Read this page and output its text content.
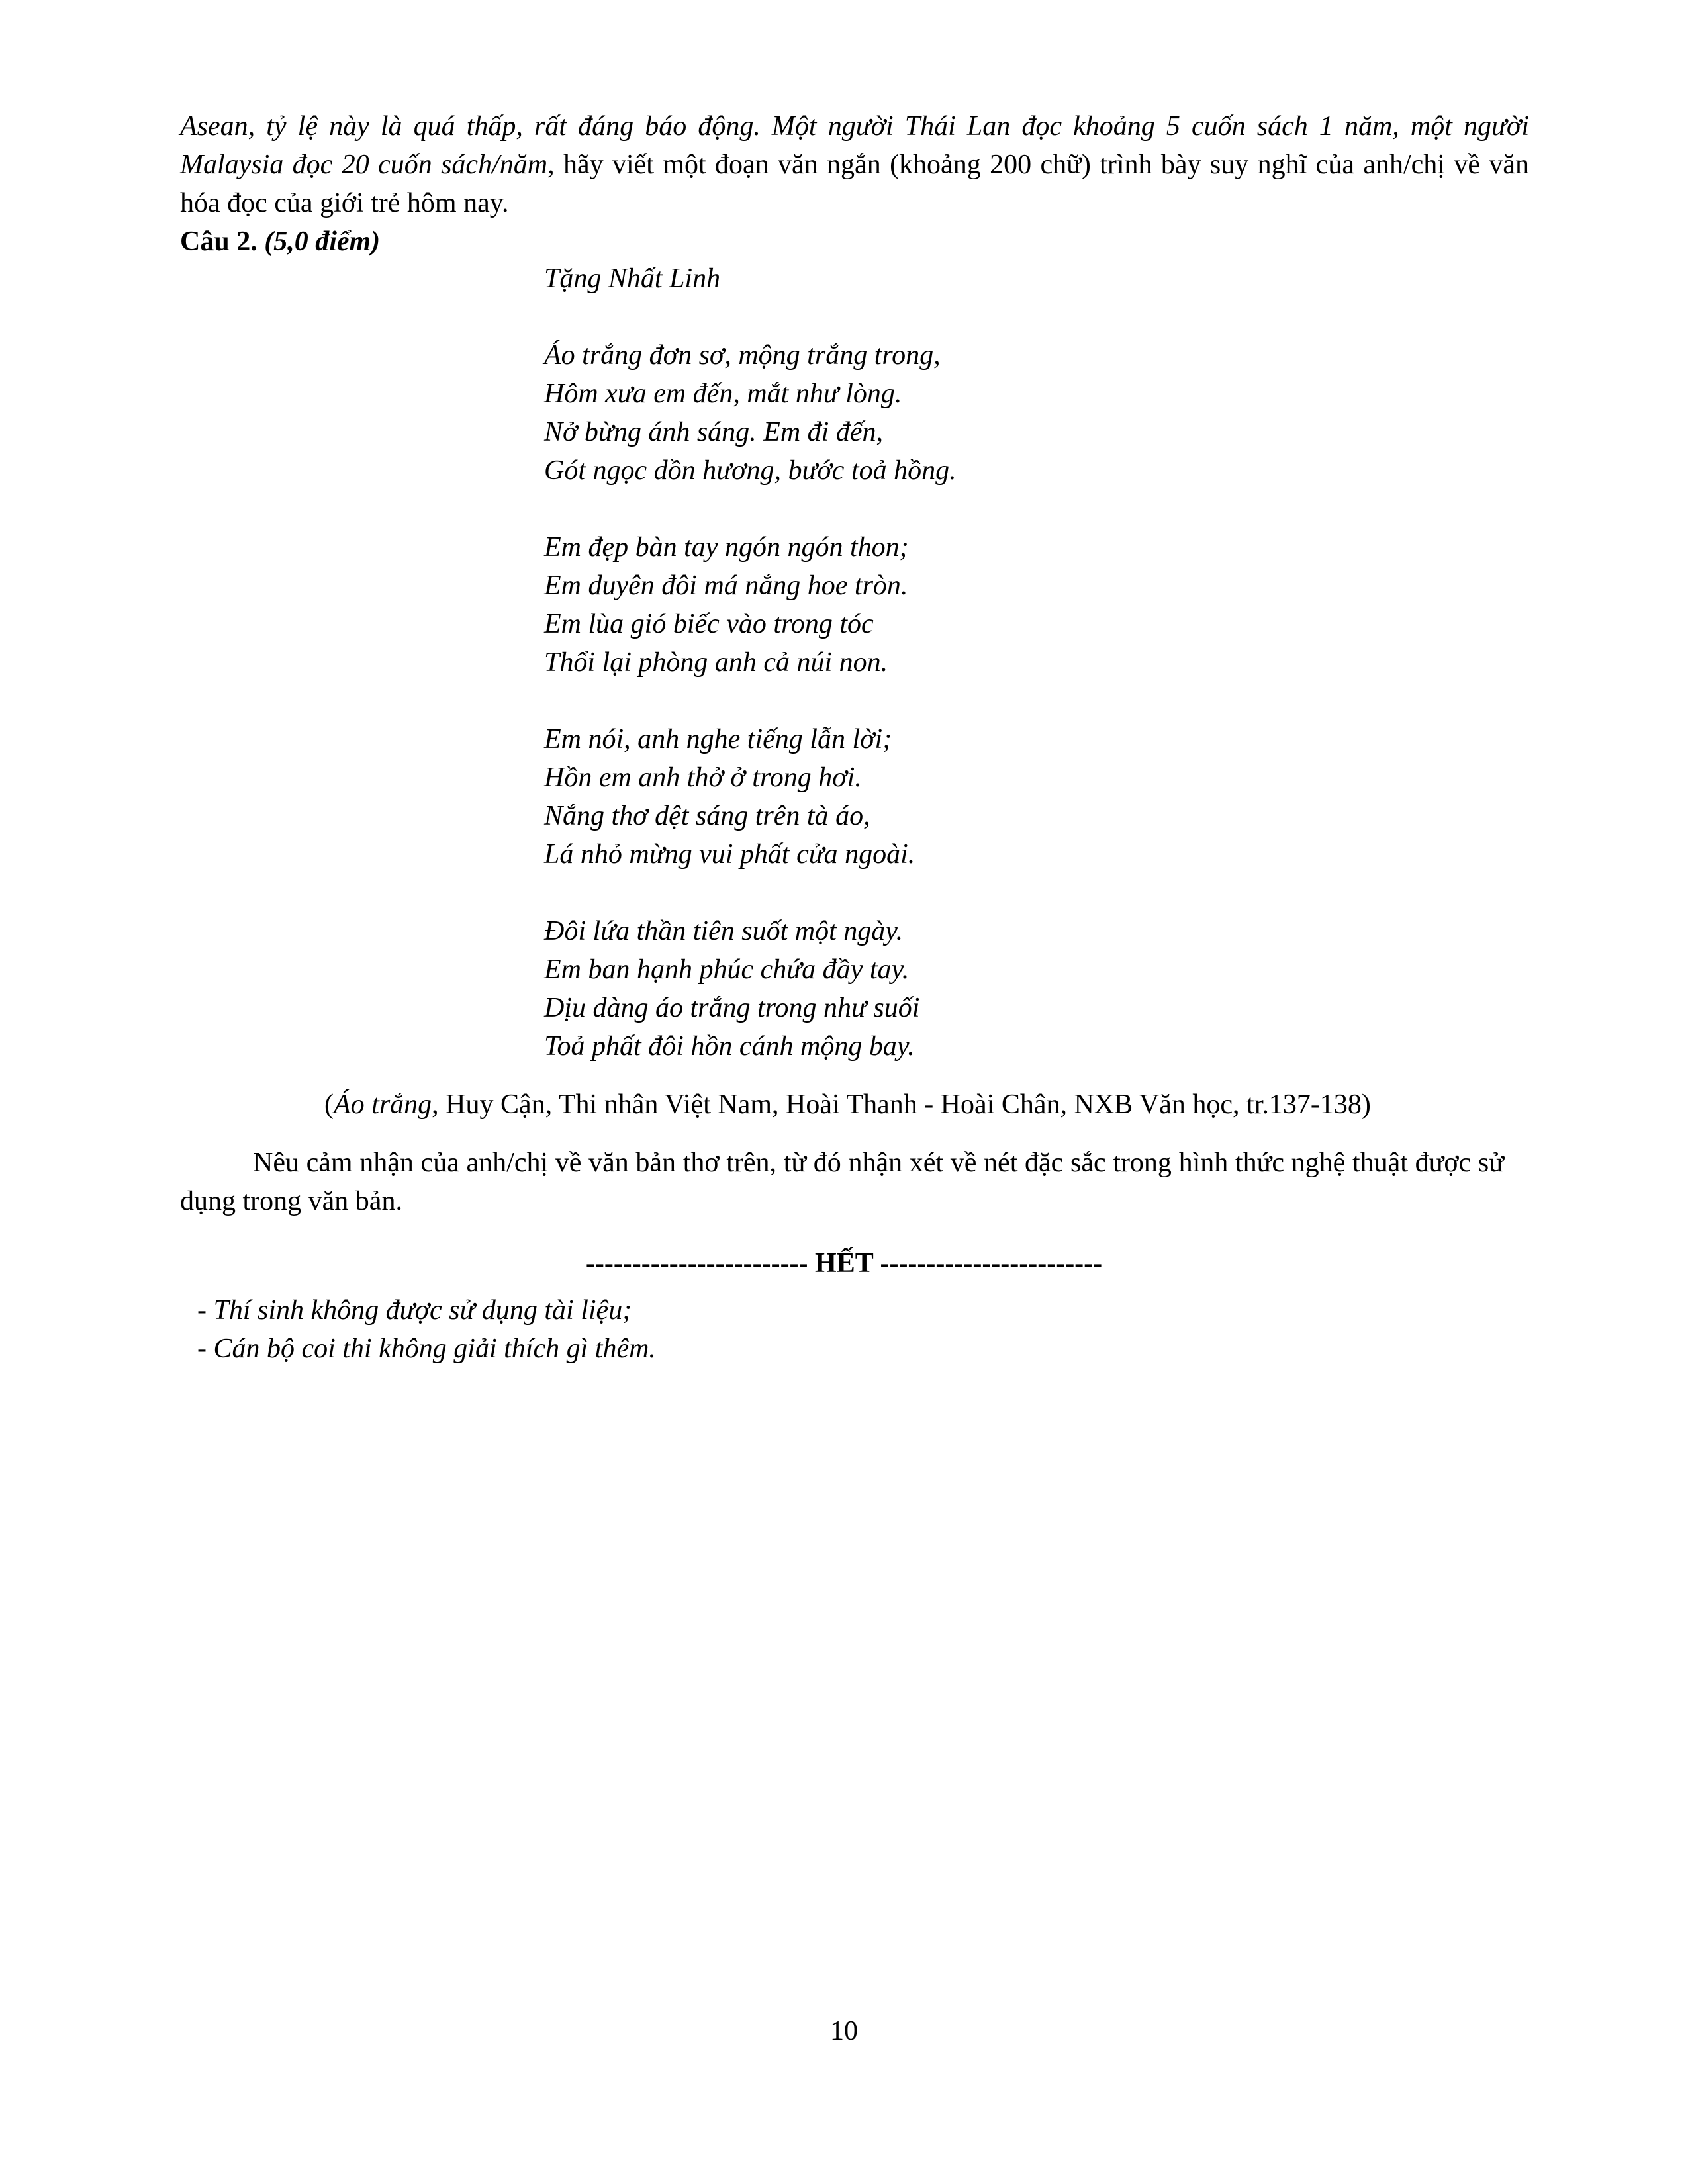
Asean, tỷ lệ này là quá thấp, rất đáng báo động. Một người Thái Lan đọc khoảng 5 cuốn sách 1 năm, một người Malaysia đọc 20 cuốn sách/năm, hãy viết một đoạn văn ngắn (khoảng 200 chữ) trình bày suy nghĩ của anh/chị về văn hóa đọc của giới trẻ hôm nay.
Câu 2. (5,0 điểm)
Tặng Nhất Linh
Áo trắng đơn sơ, mộng trắng trong,
Hôm xưa em đến, mắt như lòng.
Nở bừng ánh sáng. Em đi đến,
Gót ngọc dồn hương, bước toả hồng.
Em đẹp bàn tay ngón ngón thon;
Em duyên đôi má nắng hoe tròn.
Em lùa gió biếc vào trong tóc
Thổi lại phòng anh cả núi non.
Em nói, anh nghe tiếng lẫn lời;
Hồn em anh thở ở trong hơi.
Nắng thơ dệt sáng trên tà áo,
Lá nhỏ mừng vui phất cửa ngoài.
Đôi lứa thần tiên suốt một ngày.
Em ban hạnh phúc chứa đầy tay.
Dịu dàng áo trắng trong như suối
Toả phất đôi hồn cánh mộng bay.
(Áo trắng, Huy Cận, Thi nhân Việt Nam, Hoài Thanh - Hoài Chân, NXB Văn học, tr.137-138)
Nêu cảm nhận của anh/chị về văn bản thơ trên, từ đó nhận xét về nét đặc sắc trong hình thức nghệ thuật được sử dụng trong văn bản.
------------------------ HẾT ------------------------
- Thí sinh không được sử dụng tài liệu;
- Cán bộ coi thi không giải thích gì thêm.
10
